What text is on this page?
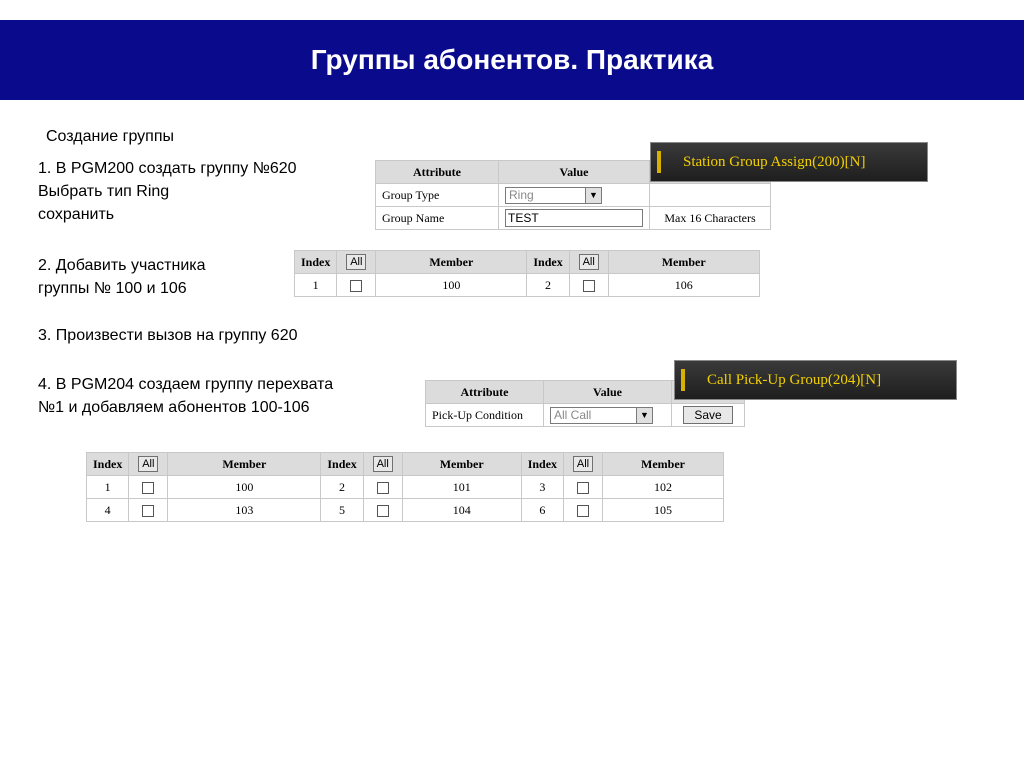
Группы абонентов. Практика
Создание группы
1. В PGM200 создать группу №620
Выбрать тип Ring
сохранить
2. Добавить участника
группы № 100 и 106
3. Произвести вызов на группу 620
4. В PGM204 создаем группу перехвата
№1 и добавляем абонентов 100-106
Attribute	Value	
Group Type	Ring ▼	

Group Name	TEST	Max 16 Characters
Station Group Assign(200)[N]
Index	All	Member	Index	All	Member
1		100	2		106
Attribute	Value	
Pick-Up Condition	All Call ▼	Save
Call Pick-Up Group(204)[N]
Index	All	Member	Index	All	Member	Index	All	Member
1		100	2		101	3		102
4		103	5		104	6		105
